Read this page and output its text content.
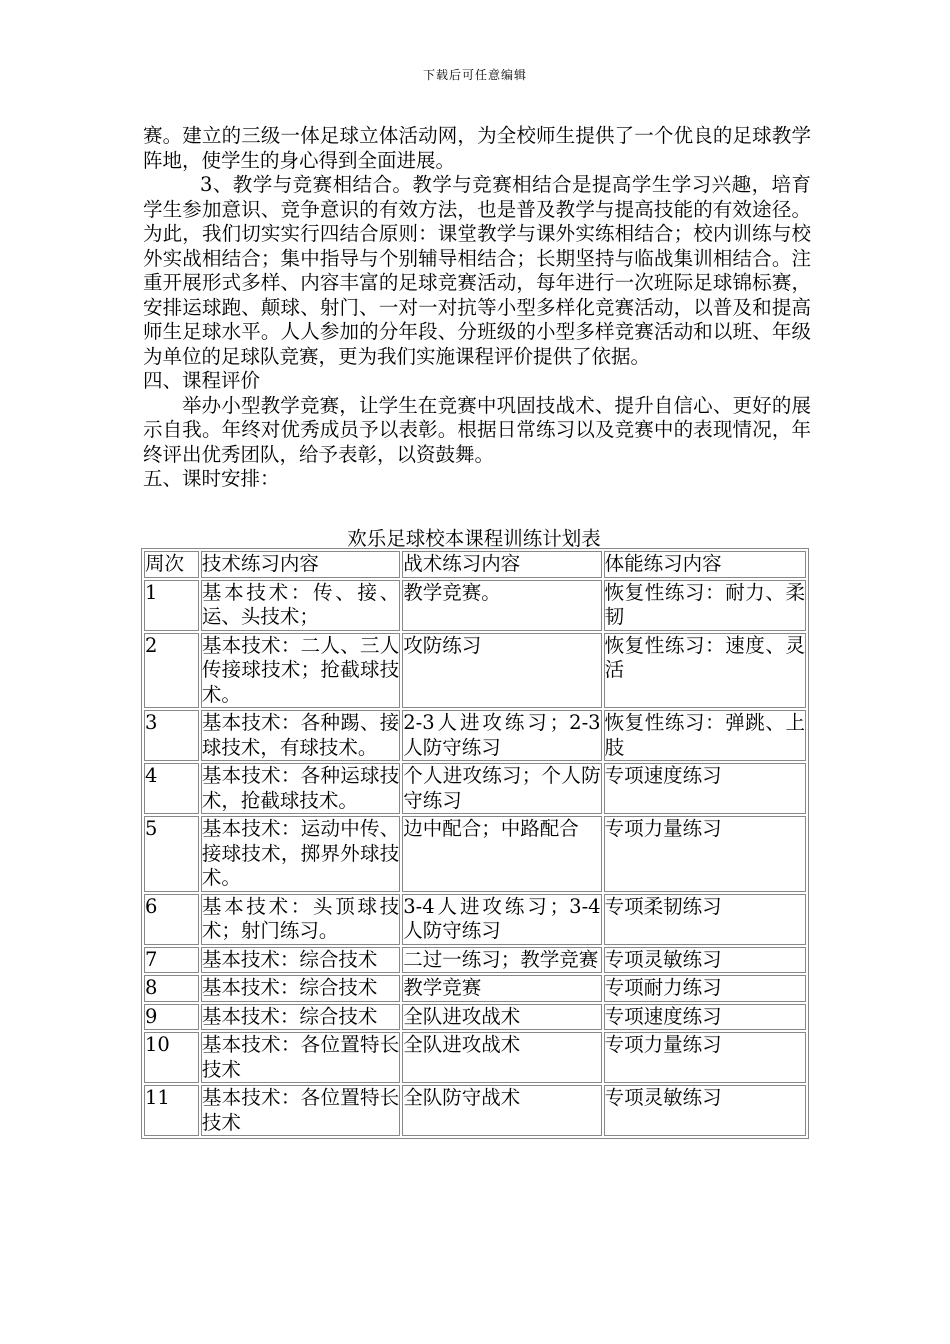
下载后可任意编辑

赛。建立的三级一体足球立体活动网，为全校师生提供了一个优良的足球教学阵地，使学生的身心得到全面进展。

3、教学与竞赛相结合。教学与竞赛相结合是提高学生学习兴趣，培育学生参加意识、竞争意识的有效方法，也是普及教学与提高技能的有效途径。为此，我们切实实行四结合原则：课堂教学与课外实练相结合；校内训练与校外实战相结合；集中指导与个别辅导相结合；长期坚持与临战集训相结合。注重开展形式多样、内容丰富的足球竞赛活动，每年进行一次班际足球锦标赛，安排运球跑、颠球、射门、一对一对抗等小型多样化竞赛活动，以普及和提高师生足球水平。人人参加的分年段、分班级的小型多样竞赛活动和以班、年级为单位的足球队竞赛，更为我们实施课程评价提供了依据。

四、课程评价

举办小型教学竞赛，让学生在竞赛中巩固技战术、提升自信心、更好的展示自我。年终对优秀成员予以表彰。根据日常练习以及竞赛中的表现情况，年终评出优秀团队，给予表彰，以资鼓舞。

五、课时安排：

欢乐足球校本课程训练计划表
周次	技术练习内容	战术练习内容	体能练习内容
1	基本技术：传、接、运、头技术；	教学竞赛。	恢复性练习：耐力、柔韧
2	基本技术：二人、三人传接球技术；抢截球技术。	攻防练习	恢复性练习：速度、灵活
3	基本技术：各种踢、接球技术，有球技术。	2-3人进攻练习；2-3人防守练习	恢复性练习：弹跳、上肢
4	基本技术：各种运球技术，抢截球技术。	个人进攻练习；个人防守练习	专项速度练习
5	基本技术：运动中传、接球技术，掷界外球技术。	边中配合；中路配合	专项力量练习
6	基本技术：头顶球技术；射门练习。	3-4人进攻练习；3-4人防守练习	专项柔韧练习
7	基本技术：综合技术	二过一练习；教学竞赛	专项灵敏练习
8	基本技术：综合技术	教学竞赛	专项耐力练习
9	基本技术：综合技术	全队进攻战术	专项速度练习
10	基本技术：各位置特长技术	全队进攻战术	专项力量练习
11	基本技术：各位置特长技术	全队防守战术	专项灵敏练习
